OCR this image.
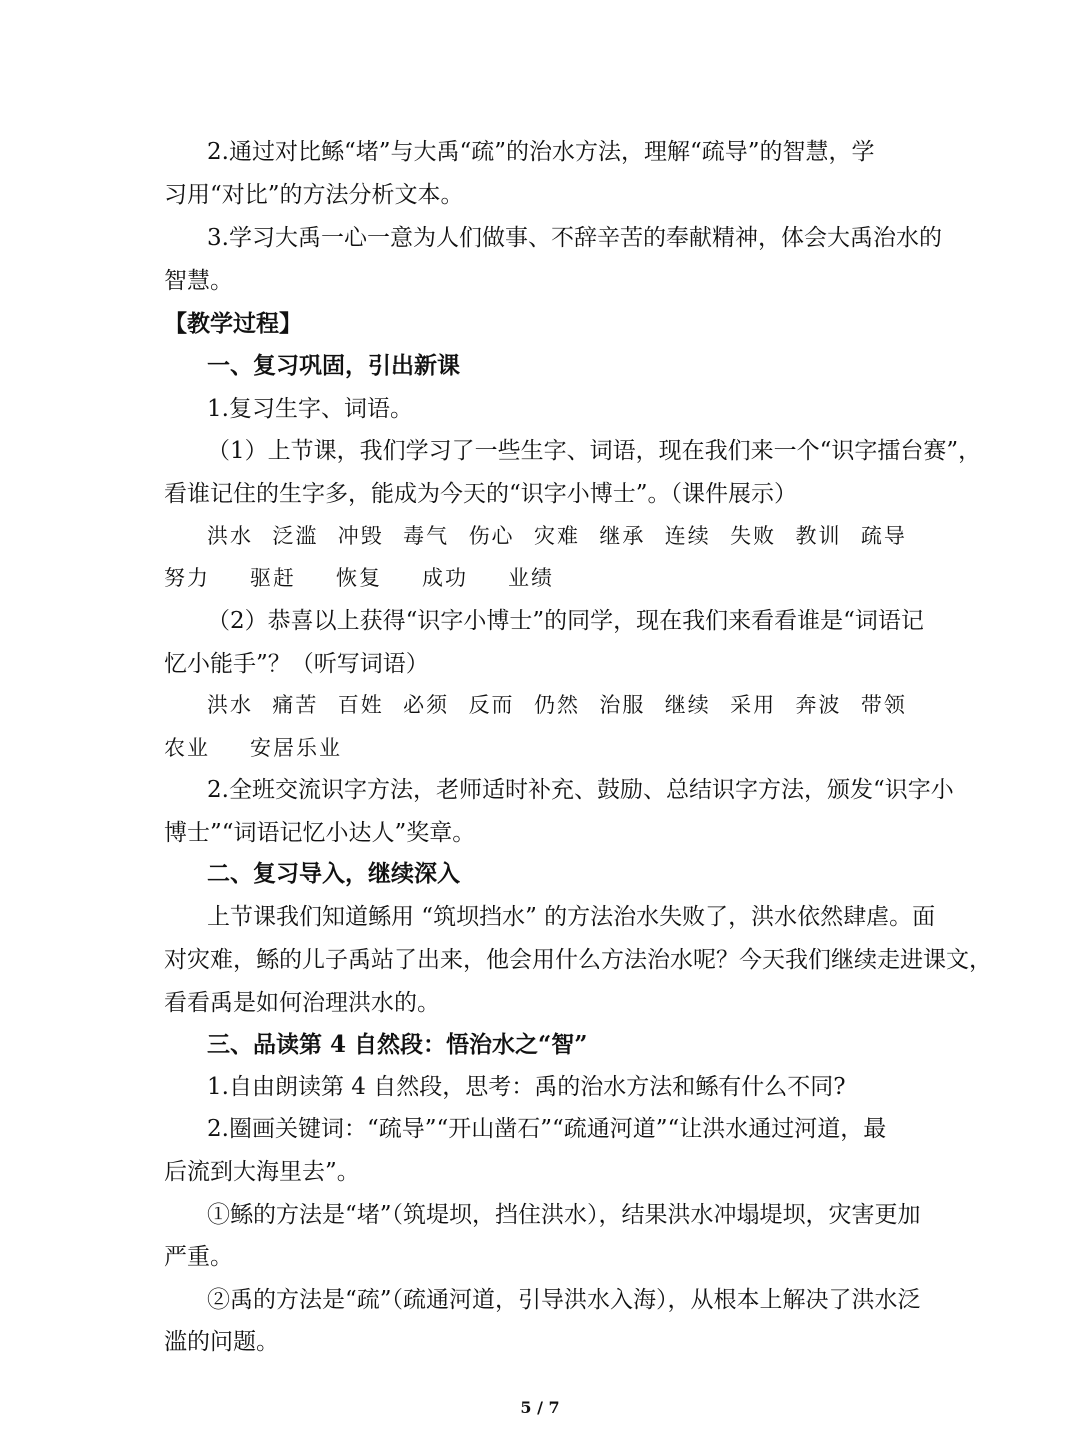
2.通过对比鲧“堵”与大禹“疏”的治水方法，理解“疏导”的智慧，学
习用“对比”的方法分析文本。
3.学习大禹一心一意为人们做事、不辞辛苦的奉献精神，体会大禹治水的
智慧。
【教学过程】
一、复习巩固，引出新课
1.复习生字、词语。
（1）上节课，我们学习了一些生字、词语，现在我们来一个“识字擂台赛”，
看谁记住的生字多，能成为今天的“识字小博士”。（课件展示）
洪水 泛滥 冲毁 毒气 伤心 灾难 继承 连续 失败 教训 疏导
努力 驱赶 恢复 成功 业绩
（2）恭喜以上获得“识字小博士”的同学，现在我们来看看谁是“词语记
忆小能手”？（听写词语）
洪水 痛苦 百姓 必须 反而 仍然 治服 继续 采用 奔波 带领
农业 安居乐业
2.全班交流识字方法，老师适时补充、鼓励、总结识字方法，颁发“识字小
博士”“词语记忆小达人”奖章。
二、复习导入，继续深入
上节课我们知道鲧用 “筑坝挡水” 的方法治水失败了，洪水依然肆虐。面
对灾难，鲧的儿子禹站了出来，他会用什么方法治水呢？今天我们继续走进课文，
看看禹是如何治理洪水的。
三、品读第 4 自然段：悟治水之“智”
1.自由朗读第 4 自然段，思考：禹的治水方法和鲧有什么不同?
2.圈画关键词：“疏导”“开山凿石”“疏通河道”“让洪水通过河道，最
后流到大海里去”。
①鲧的方法是“堵”（筑堤坝，挡住洪水），结果洪水冲塌堤坝，灾害更加
严重。
②禹的方法是“疏”（疏通河道，引导洪水入海），从根本上解决了洪水泛
滥的问题。
5 / 7
